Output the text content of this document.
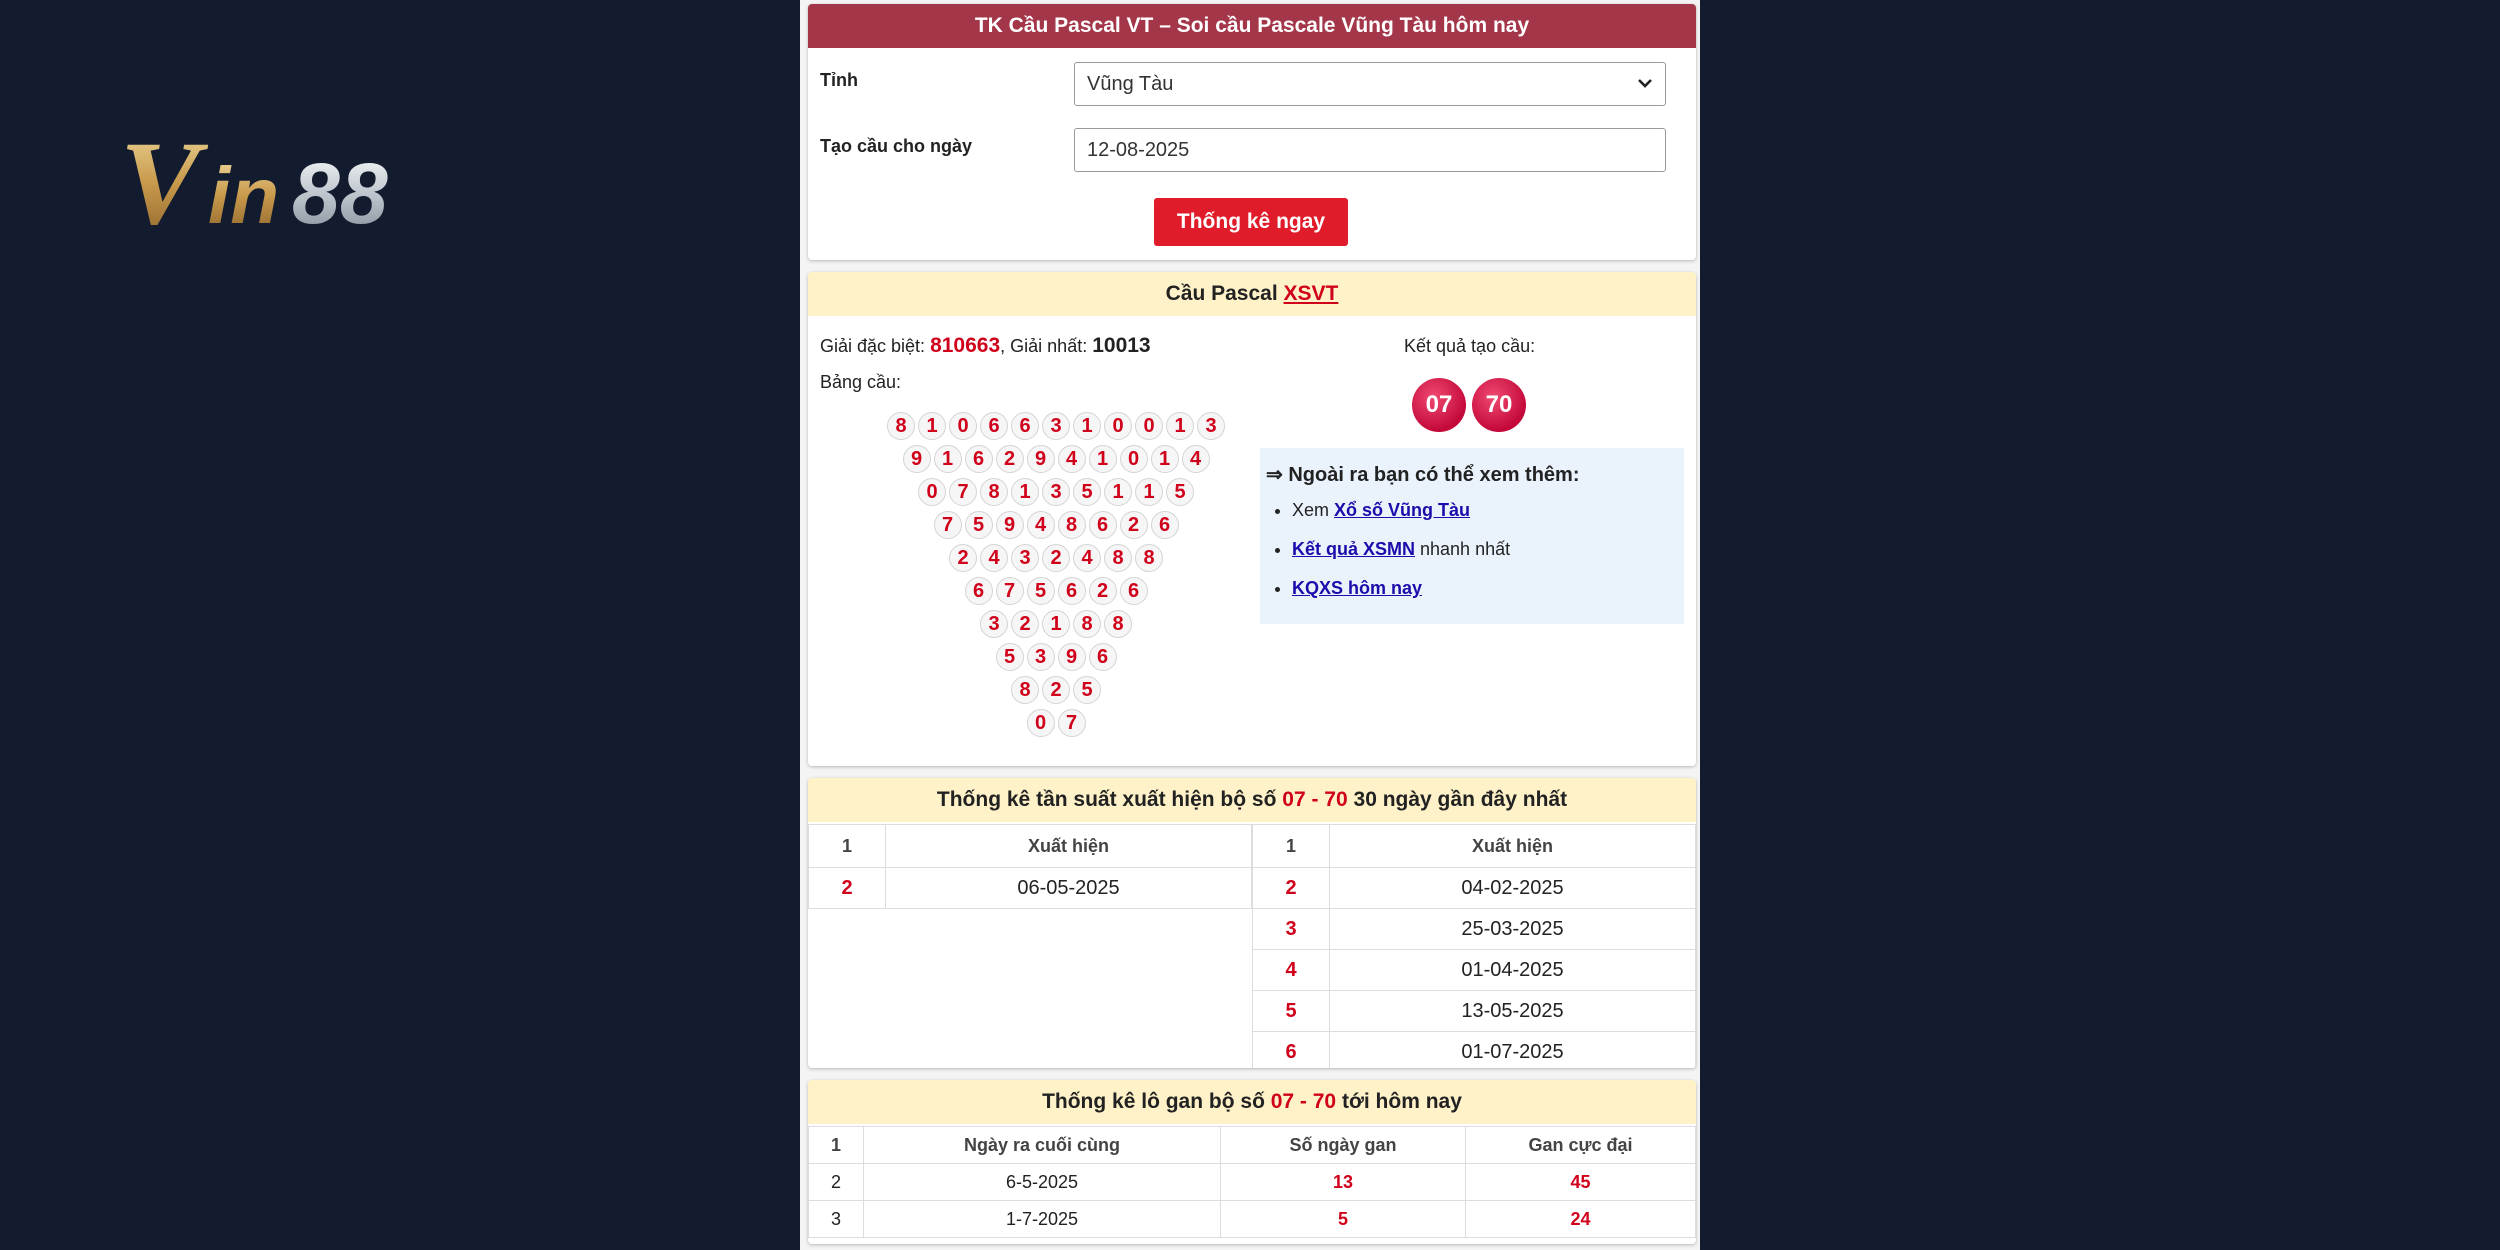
V in 88
TK Cầu Pascal VT – Soi cầu Pascale Vũng Tàu hôm nay
Tỉnh	Vũng Tàu
Tạo cầu cho ngày	12-08-2025
Thống kê ngay
Cầu Pascal
XSVT
Giải đặc biệt: 810663, Giải nhất: 10013
Bảng cầu:
8 1 0 6 6 3 1 0 0 1 3
9 1 6 2 9 4 1 0 1 4
0 7 8 1 3 5 1 1 5
7 5 9 4 8 6 2 6
2 4 3 2 4 8 8
6 7 5 6 2 6
3 2 1 8 8
5 3 9 6
8 2 5
0 7
Kết quả tạo cầu:
07	70
⇒ Ngoài ra bạn có thể xem thêm:
• Xem Xổ số Vũng Tàu
• Kết quả XSMN nhanh nhất
• KQXS hôm nay
Thống kê tần suất xuất hiện bộ số
07 - 70
30 ngày gần đây nhất
1	Xuất hiện
2	06-05-2025
1	Xuất hiện
2	04-02-2025
3	25-03-2025
4	01-04-2025
5	13-05-2025
6	01-07-2025
Thống kê lô gan bộ số
07 - 70
tới hôm nay
1	Ngày ra cuối cùng	Số ngày gan	Gan cực đại
2	6-5-2025	13	45
3	1-7-2025	5	24
